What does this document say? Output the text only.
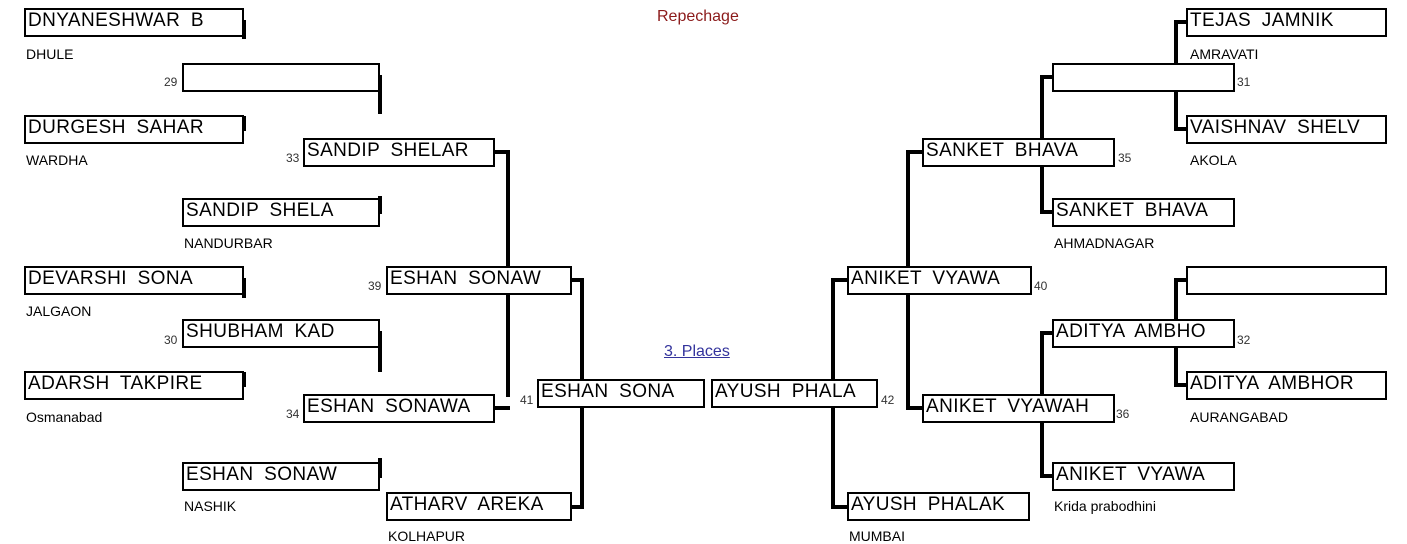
Repechage
3. Places
DNYANESHWAR B
DHULE
29
DURGESH SAHAR
WARDHA	SANDIP SHELAR
33
SANDIP SHELA
NANDURBAR
ESHAN SONAW
39
DEVARSHI SONA
JALGAON
SHUBHAM KAD
30
ADARSH TAKPIRE
Osmanabad	ESHAN SONAWA
34
ESHAN SONAW
NASHIK	ATHARV AREKA
KOLHAPUR
ESHAN SONA
41	AYUSH PHALA	42
TEJAS JAMNIK
AMRAVATI
31
VAISHNAV SHELV
AKOLA
SANKET BHAVA	35
SANKET BHAVA
AHMADNAGAR
ANIKET VYAWA	40
ADITYA AMBHO	32
ADITYA AMBHOR
AURANGABAD
ANIKET VYAWAH	36
ANIKET VYAWA
Krida prabodhini
AYUSH PHALAK
MUMBAI
